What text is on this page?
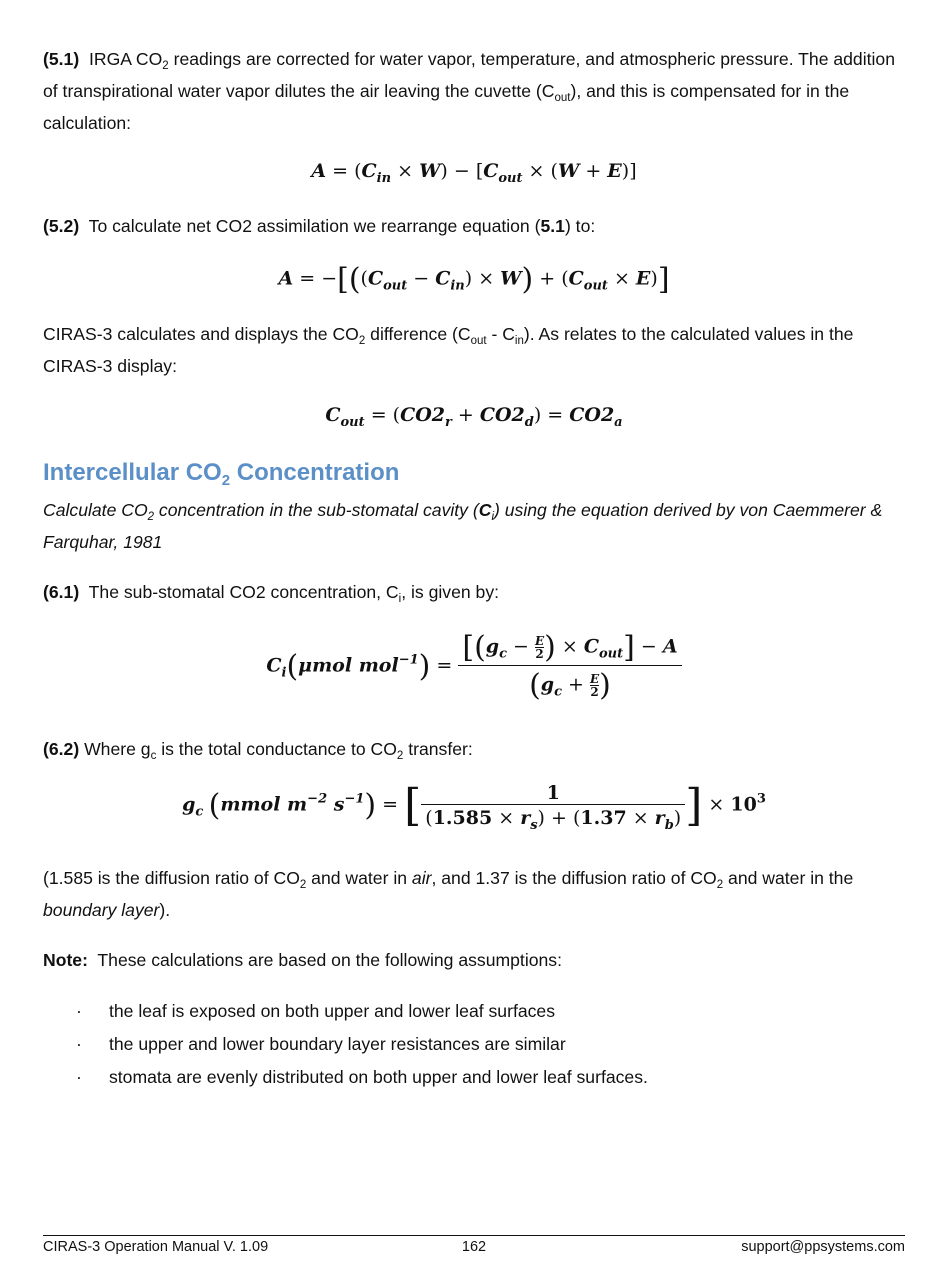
(5.1) IRGA $CO_2$ readings are corrected for water vapor, temperature, and atmospheric pressure. The addition of transpirational water vapor dilutes the air leaving the cuvette $(C_{out})$, and this is compensated for in the calculation:

$A = (C_{in} \times W) - [C_{out} \times (W + E)]$

(5.2) To calculate net CO2 assimilation we rearrange equation (5.1) to:

$A = -[((C_{out} - C_{in}) \times W) + (C_{out} \times E)]$

CIRAS-3 calculates and displays the $CO_2$ difference $(C_{out} - C_{in})$. As relates to the calculated values in the CIRAS-3 display:

$C_{out} = (CO2_r + CO2_d) = CO2_a$
Intercellular $CO_2$ Concentration

Calculate $CO_2$ concentration in the sub-stomatal cavity $(C_i)$ using the equation derived by von Caemmerer & Farquhar, 1981

(6.1) The sub-stomatal CO2 concentration, $C_i$, is given by:

$C_i(\mu mol$ $mol^{-1}) = \frac{[(g_c - \frac{E}{2} ) \times C_{out}] - A}{(g_c + \frac{E}{2} )}$

(6.2) Where $g_c$ is the total conductance to $CO_2$ transfer:

$g_c$ (mmol $m^{-2}$ $s^{-1}$) = [ $\frac{1}{(1.585 \times r_s) + (1.37 \times r_b)}$ ] × $10^3$

(1.585 is the diffusion ratio of $CO_2$ and water in air, and 1.37 is the diffusion ratio of $CO_2$ and water in the boundary layer).

Note:  These calculations are based on the following assumptions:

· the leaf is exposed on both upper and lower leaf surfaces
· the upper and lower boundary layer resistances are similar
· stomata are evenly distributed on both upper and lower leaf surfaces.
CIRAS-3 Operation Manual V. 1.09	162	support@ppsystems.com
